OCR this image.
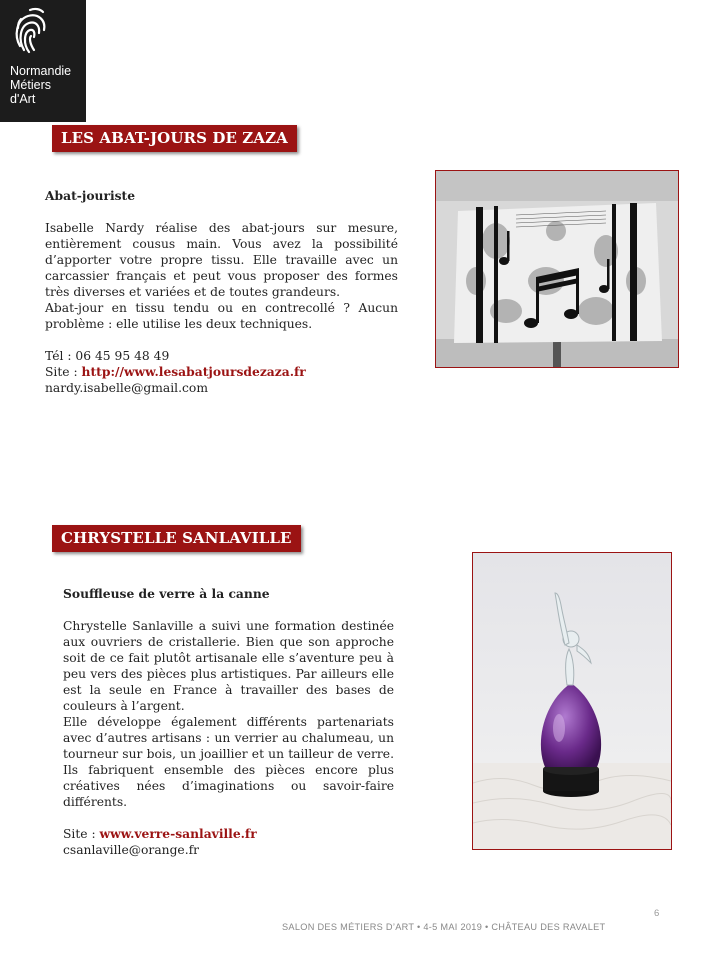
Normandie
Métiers
d'Art
LES ABAT-JOURS DE ZAZA
Abat-jouriste
Isabelle Nardy réalise des abat-jours sur mesure, entièrement cousus main. Vous avez la possibilité d’apporter votre propre tissu. Elle travaille avec un carcassier français et peut vous proposer des formes très diverses et variées et de toutes grandeurs.
Abat-jour en tissu tendu ou en contrecollé ? Aucun problème : elle utilise les deux techniques.
Tél : 06 45 95 48 49
Site : http://www.lesabatjoursdezaza.fr
nardy.isabelle@gmail.com
CHRYSTELLE SANLAVILLE
Souffleuse de verre à la canne
Chrystelle Sanlaville a suivi une formation destinée aux ouvriers de cristallerie. Bien que son approche soit de ce fait plutôt artisanale elle s’aventure peu à peu vers des pièces plus artistiques. Par ailleurs elle est la seule en France à travailler des bases de couleurs à l’argent.
Elle développe également différents partenariats avec d’autres artisans : un verrier au chalumeau, un tourneur sur bois, un joaillier et un tailleur de verre. Ils fabriquent ensemble des pièces encore plus créatives nées d’imaginations ou savoir-faire différents.
Site : www.verre-sanlaville.fr
csanlaville@orange.fr
6
SALON DES MÉTIERS D’ART • 4-5 MAI 2019 • CHÂTEAU DES RAVALET
